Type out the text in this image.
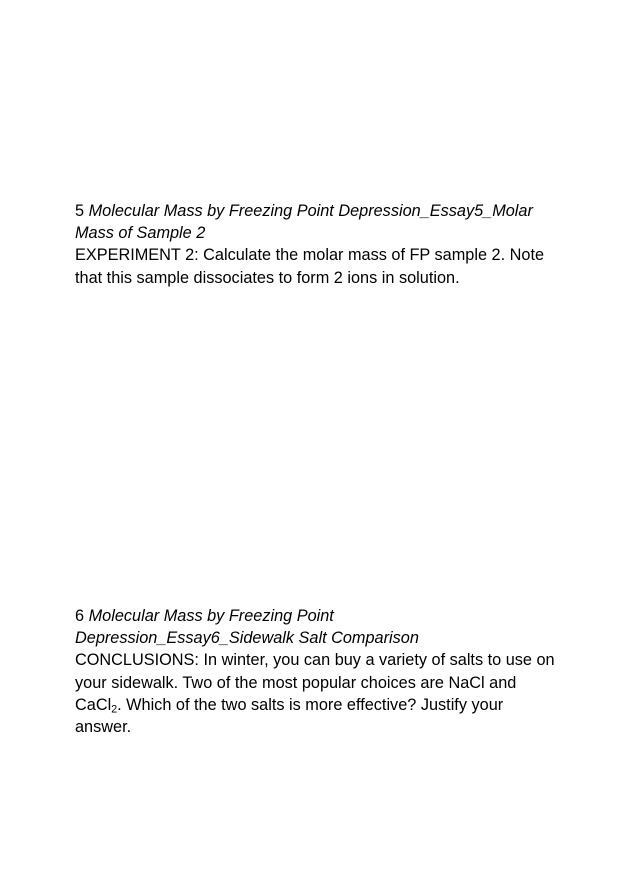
5 Molecular Mass by Freezing Point Depression_Essay5_Molar Mass of Sample 2
EXPERIMENT 2: Calculate the molar mass of FP sample 2. Note that this sample dissociates to form 2 ions in solution.
6 Molecular Mass by Freezing Point Depression_Essay6_Sidewalk Salt Comparison
CONCLUSIONS: In winter, you can buy a variety of salts to use on your sidewalk. Two of the most popular choices are NaCl and CaCl$_2$. Which of the two salts is more effective? Justify your answer.
